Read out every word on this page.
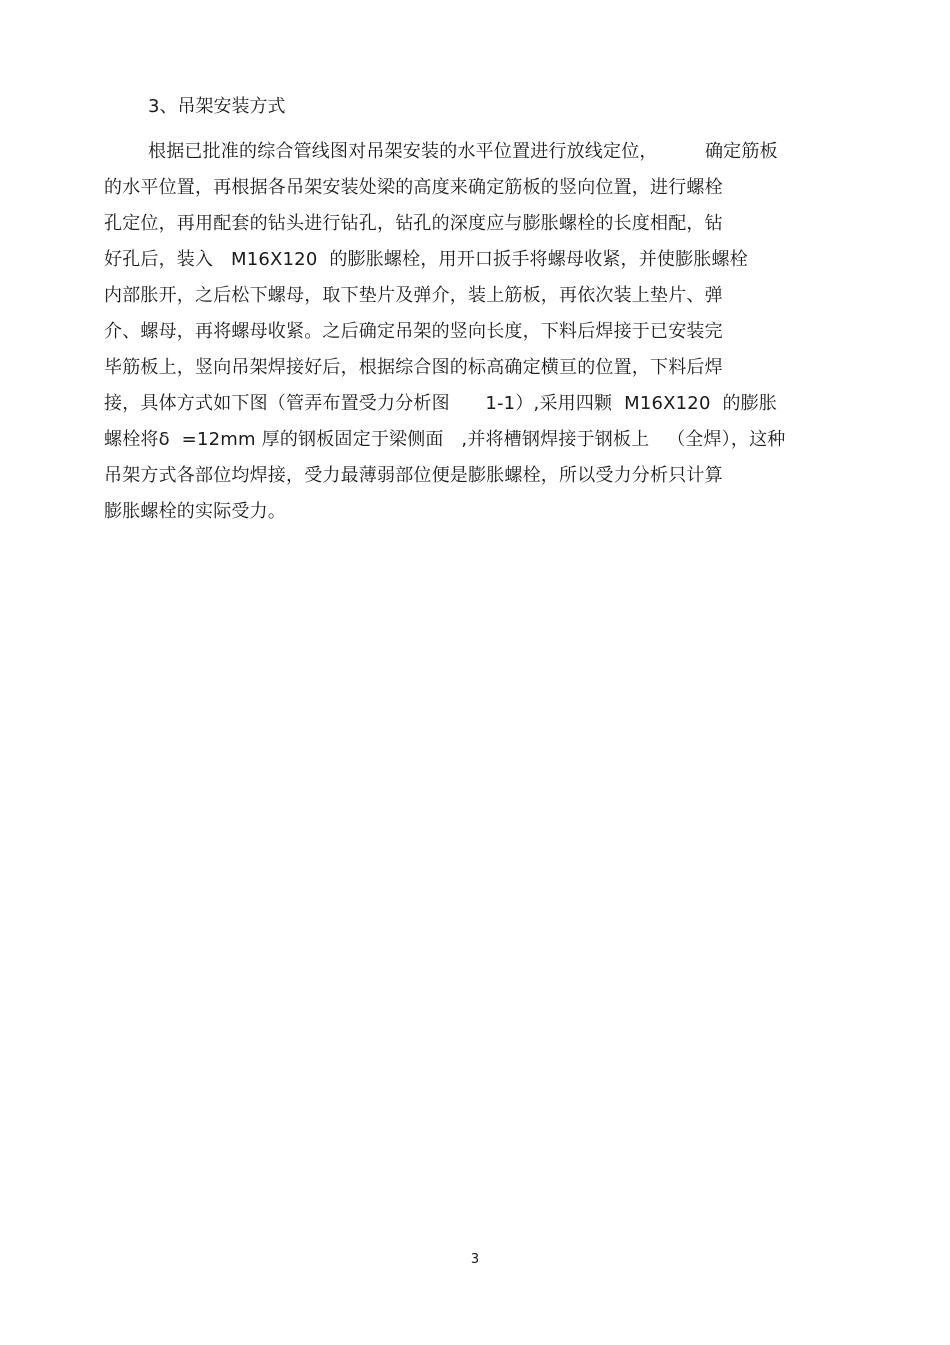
3、吊架安装方式
根据已批准的综合管线图对吊架安装的水平位置进行放线定位，        确定筋板
的水平位置，再根据各吊架安装处梁的高度来确定筋板的竖向位置，进行螺栓
孔定位，再用配套的钻头进行钻孔，钻孔的深度应与膨胀螺栓的长度相配，钻
好孔后，装入   M16X120  的膨胀螺栓，用开口扳手将螺母收紧，并使膨胀螺栓
内部胀开，之后松下螺母，取下垫片及弹介，装上筋板，再依次装上垫片、弹
介、螺母，再将螺母收紧。之后确定吊架的竖向长度，下料后焊接于已安装完
毕筋板上，竖向吊架焊接好后，根据综合图的标高确定横亘的位置，下料后焊
接，具体方式如下图（管弄布置受力分析图      1-1）,采用四颗  M16X120  的膨胀
螺栓将δ  =12mm 厚的钢板固定于梁侧面   ,并将槽钢焊接于钢板上   （全焊），这种
吊架方式各部位均焊接，受力最薄弱部位便是膨胀螺栓，所以受力分析只计算
膨胀螺栓的实际受力。
3
